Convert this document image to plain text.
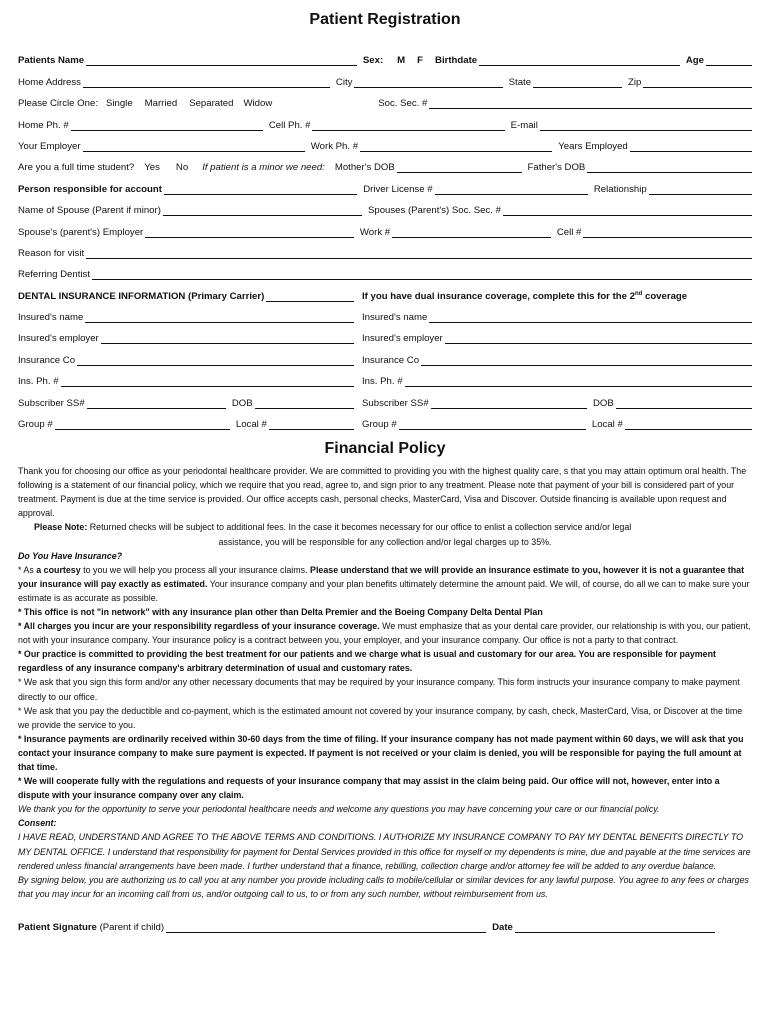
Patient Registration
Patients Name	Sex: M F Birthdate	Age
Home Address	City	State	Zip
Please Circle One: Single Married Separated Widow	Soc. Sec. #
Home Ph. #	Cell Ph. #	E-mail
Your Employer	Work Ph. #	Years Employed
Are you a full time student? Yes No If patient is a minor we need: Mother's DOB	Father's DOB
Person responsible for account	Driver License #	Relationship
Name of Spouse (Parent if minor)	Spouses (Parent's) Soc. Sec. #
Spouse's (parent's) Employer	Work #	Cell #
Reason for visit
Referring Dentist
DENTAL INSURANCE INFORMATION (Primary Carrier)	If you have dual insurance coverage, complete this for the 2nd coverage
Insured's name	Insured's name
Insured's employer	Insured's employer
Insurance Co	Insurance Co
Ins. Ph. #	Ins. Ph. #
Subscriber SS#	DOB	Subscriber SS#	DOB
Group #	Local #	Group #	Local #
Financial Policy

Thank you for choosing our office as your periodontal healthcare provider. We are committed to providing you with the highest quality care, s that you may attain optimum oral health. The following is a statement of our financial policy, which we require that you read, agree to, and sign prior to any treatment. Please note that payment of your bill is considered part of your treatment. Payment is due at the time service is provided. Our office accepts cash, personal checks, MasterCard, Visa and Discover. Outside financing is available upon request and approval.

Please Note: Returned checks will be subject to additional fees. In the case it becomes necessary for our office to enlist a collection service and/or legal

assistance, you will be responsible for any collection and/or legal charges up to 35%.

Do You Have Insurance?

* As a courtesy to you we will help you process all your insurance claims. Please understand that we will provide an insurance estimate to you, however it is not a guarantee that your insurance will pay exactly as estimated. Your insurance company and your plan benefits ultimately determine the amount paid. We will, of course, do all we can to make sure your estimate is as accurate as possible.

* This office is not "in network" with any insurance plan other than Delta Premier and the Boeing Company Delta Dental Plan

* All charges you incur are your responsibility regardless of your insurance coverage. We must emphasize that as your dental care provider, our relationship is with you, our patient, not with your insurance company. Your insurance policy is a contract between you, your employer, and your insurance company. Our office is not a party to that contract.

* Our practice is committed to providing the best treatment for our patients and we charge what is usual and customary for our area. You are responsible for payment regardless of any insurance company's arbitrary determination of usual and customary rates.

* We ask that you sign this form and/or any other necessary documents that may be required by your insurance company. This form instructs your insurance company to make payment directly to our office.

* We ask that you pay the deductible and co-payment, which is the estimated amount not covered by your insurance company, by cash, check, MasterCard, Visa, or Discover at the time we provide the service to you.

* Insurance payments are ordinarily received within 30-60 days from the time of filing. If your insurance company has not made payment within 60 days, we will ask that you contact your insurance company to make sure payment is expected. If payment is not received or your claim is denied, you will be responsible for paying the full amount at that time.

* We will cooperate fully with the regulations and requests of your insurance company that may assist in the claim being paid. Our office will not, however, enter into a dispute with your insurance company over any claim.

We thank you for the opportunity to serve your periodontal healthcare needs and welcome any questions you may have concerning your care or our financial policy.

Consent:

I HAVE READ, UNDERSTAND AND AGREE TO THE ABOVE TERMS AND CONDITIONS. I AUTHORIZE MY INSURANCE COMPANY TO PAY MY DENTAL BENEFITS DIRECTLY TO MY DENTAL OFFICE. I understand that responsibility for payment for Dental Services provided in this office for myself or my dependents is mine, due and payable at the time services are rendered unless financial arrangements have been made. I further understand that a finance, rebilling, collection charge and/or attorney fee will be added to any overdue balance.

By signing below, you are authorizing us to call you at any number you provide including calls to mobile/cellular or similar devices for any lawful purpose. You agree to any fees or charges that you may incur for an incoming call from us, and/or outgoing call to us, to or from any such number, without reimbursement from us.

Patient Signature (Parent if child)	Date
